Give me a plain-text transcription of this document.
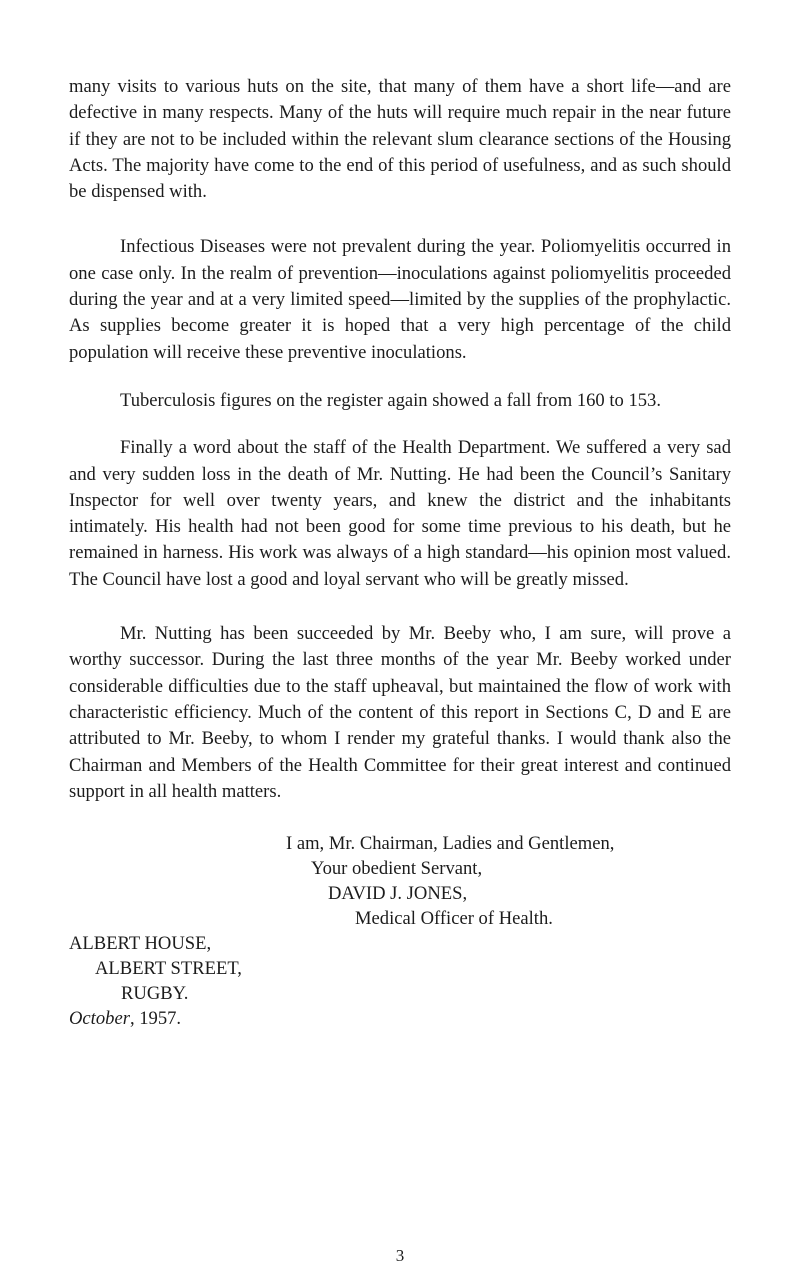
many visits to various huts on the site, that many of them have a short life—and are defective in many respects. Many of the huts will require much repair in the near future if they are not to be included within the relevant slum clearance sections of the Housing Acts. The majority have come to the end of this period of usefulness, and as such should be dispensed with.

Infectious Diseases were not prevalent during the year. Poliomyelitis occurred in one case only. In the realm of prevention—inoculations against poliomyelitis proceeded during the year and at a very limited speed—limited by the supplies of the prophylactic. As supplies become greater it is hoped that a very high percentage of the child population will receive these preventive inoculations.

Tuberculosis figures on the register again showed a fall from 160 to 153.

Finally a word about the staff of the Health Department. We suffered a very sad and very sudden loss in the death of Mr. Nutting. He had been the Council’s Sanitary Inspector for well over twenty years, and knew the district and the inhabitants intimately. His health had not been good for some time previous to his death, but he remained in harness. His work was always of a high standard—his opinion most valued. The Council have lost a good and loyal servant who will be greatly missed.

Mr. Nutting has been succeeded by Mr. Beeby who, I am sure, will prove a worthy successor. During the last three months of the year Mr. Beeby worked under considerable difficulties due to the staff upheaval, but maintained the flow of work with characteristic efficiency. Much of the content of this report in Sections C, D and E are attributed to Mr. Beeby, to whom I render my grateful thanks. I would thank also the Chairman and Members of the Health Committee for their great interest and continued support in all health matters.

I am, Mr. Chairman, Ladies and Gentlemen,
Your obedient Servant,
DAVID J. JONES,
Medical Officer of Health.
ALBERT HOUSE,
ALBERT STREET,
RUGBY.
October, 1957.
3
